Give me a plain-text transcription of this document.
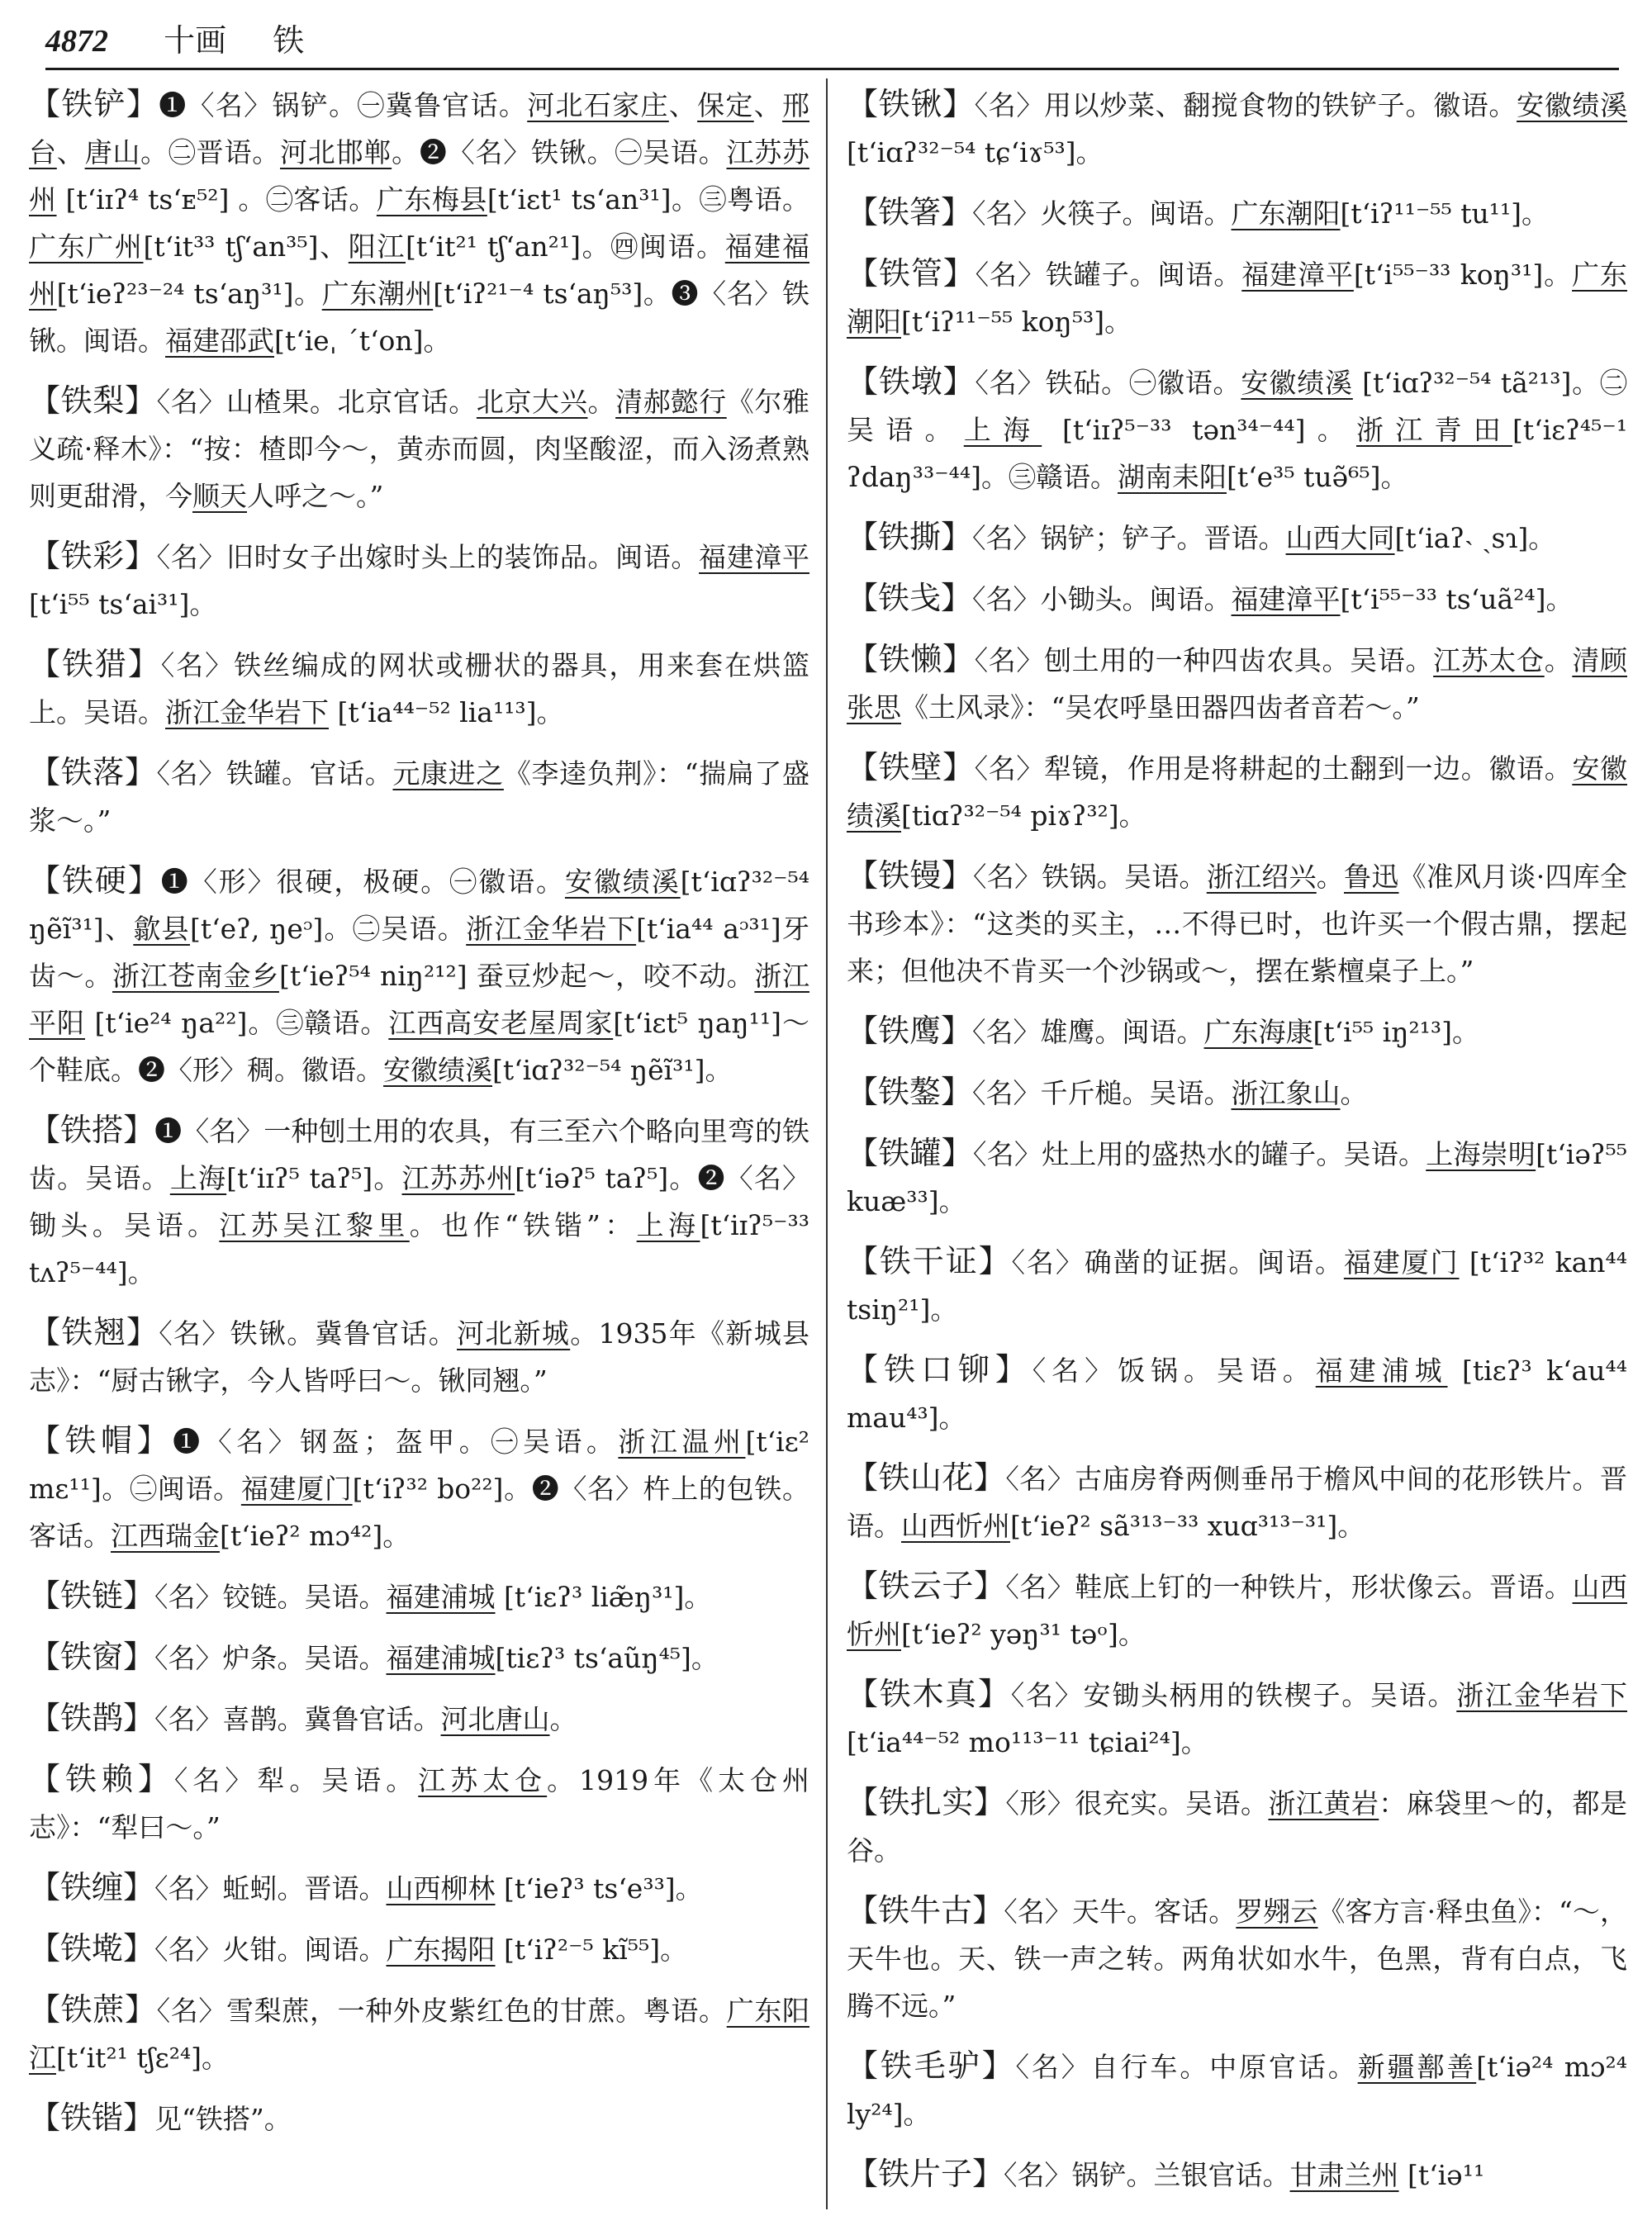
4872 十画 铁

【铁铲】❶〈名〉锅铲。㊀冀鲁官话。河北石家庄、保定、邢台、唐山。㊁晋语。河北邯郸。❷〈名〉铁锹。㊀吴语。江苏苏州 [tʻiɪʔ⁴ tsʻᴇ⁵²] 。㊁客话。广东梅县[tʻiɛt¹ tsʻan³¹]。㊂粤语。广东广州[tʻit³³ tʃʻan³⁵]、阳江[tʻit²¹ tʃʻan²¹]。㊃闽语。福建福州[tʻieʔ²³⁻²⁴ tsʻaŋ³¹]。广东潮州[tʻiʔ²¹⁻⁴ tsʻaŋ⁵³]。❸〈名〉铁锹。闽语。福建邵武[tʻieˌ ˊtʻon]。

【铁梨】〈名〉山楂果。北京官话。北京大兴。清郝懿行《尔雅义疏·释木》：“按：楂即今～，黄赤而圆，肉坚酸涩，而入汤煮熟则更甜滑，今顺天人呼之～。”

【铁彩】〈名〉旧时女子出嫁时头上的装饰品。闽语。福建漳平[tʻi⁵⁵ tsʻai³¹]。

【铁猎】〈名〉铁丝编成的网状或栅状的器具，用来套在烘篮上。吴语。浙江金华岩下 [tʻia⁴⁴⁻⁵² lia¹¹³]。

【铁落】〈名〉铁罐。官话。元康进之《李逵负荆》：“揣扁了盛浆～。”

【铁硬】❶〈形〉很硬，极硬。㊀徽语。安徽绩溪[tʻiɑʔ³²⁻⁵⁴ ŋẽĩ³¹]、歙县[tʻeʔ, ŋeᵓ]。㊁吴语。浙江金华岩下[tʻia⁴⁴ aᵓ³¹]牙齿～。浙江苍南金乡[tʻieʔ⁵⁴ niŋ²¹²] 蚕豆炒起～，咬不动。浙江平阳 [tʻie²⁴ ŋa²²]。㊂赣语。江西高安老屋周家[tʻiɛt⁵ ŋaŋ¹¹]～个鞋底。❷〈形〉稠。徽语。安徽绩溪[tʻiɑʔ³²⁻⁵⁴ ŋẽĩ³¹]。

【铁搭】❶〈名〉一种刨土用的农具，有三至六个略向里弯的铁齿。吴语。上海[tʻiɪʔ⁵ taʔ⁵]。江苏苏州[tʻiəʔ⁵ taʔ⁵]。❷〈名〉锄头。吴语。江苏吴江黎里。也作“铁锴”：上海[tʻiɪʔ⁵⁻³³ tʌʔ⁵⁻⁴⁴]。

【铁翘】〈名〉铁锹。冀鲁官话。河北新城。1935年《新城县志》：“厨古锹字，今人皆呼曰～。锹同翘。”

【铁帽】❶〈名〉钢盔；盔甲。㊀吴语。浙江温州[tʻiɛ² mɛ¹¹]。㊁闽语。福建厦门[tʻiʔ³² bo²²]。❷〈名〉杵上的包铁。客话。江西瑞金[tʻieʔ² mɔ⁴²]。

【铁链】〈名〉铰链。吴语。福建浦城 [tʻiɛʔ³ liæ̃ŋ³¹]。

【铁窗】〈名〉炉条。吴语。福建浦城[tiɛʔ³ tsʻaũŋ⁴⁵]。

【铁鹊】〈名〉喜鹊。冀鲁官话。河北唐山。

【铁赖】〈名〉犁。吴语。江苏太仓。1919年《太仓州志》：“犁曰～。”

【铁缠】〈名〉蚯蚓。晋语。山西柳林 [tʻieʔ³ tsʻe³³]。

【铁墘】〈名〉火钳。闽语。广东揭阳 [tʻiʔ²⁻⁵ kĩ⁵⁵]。

【铁蔗】〈名〉雪梨蔗，一种外皮紫红色的甘蔗。粤语。广东阳江[tʻit²¹ tʃɛ²⁴]。

【铁锴】见“铁搭”。

【铁锹】〈名〉用以炒菜、翻搅食物的铁铲子。徽语。安徽绩溪 [tʻiɑʔ³²⁻⁵⁴ tɕʻiɤ⁵³]。

【铁箸】〈名〉火筷子。闽语。广东潮阳[tʻiʔ¹¹⁻⁵⁵ tu¹¹]。

【铁管】〈名〉铁罐子。闽语。福建漳平[tʻi⁵⁵⁻³³ koŋ³¹]。广东潮阳[tʻiʔ¹¹⁻⁵⁵ koŋ⁵³]。

【铁墩】〈名〉铁砧。㊀徽语。安徽绩溪 [tʻiɑʔ³²⁻⁵⁴ tã²¹³]。㊁吴语。上海 [tʻiɪʔ⁵⁻³³ tən³⁴⁻⁴⁴]。浙江青田[tʻiɛʔ⁴⁵⁻¹ ʔdaŋ³³⁻⁴⁴]。㊂赣语。湖南耒阳[tʻe³⁵ tuə̃⁶⁵]。

【铁撕】〈名〉锅铲；铲子。晋语。山西大同[tʻiaʔ˴ ˏsɿ]。

【铁戋】〈名〉小锄头。闽语。福建漳平[tʻi⁵⁵⁻³³ tsʻuã²⁴]。

【铁懒】〈名〉刨土用的一种四齿农具。吴语。江苏太仓。清顾张思《土风录》：“吴农呼垦田器四齿者音若～。”

【铁壁】〈名〉犁镜，作用是将耕起的土翻到一边。徽语。安徽绩溪[tiɑʔ³²⁻⁵⁴ piɤʔ³²]。

【铁镘】〈名〉铁锅。吴语。浙江绍兴。鲁迅《准风月谈·四库全书珍本》：“这类的买主，…不得已时，也许买一个假古鼎，摆起来；但他决不肯买一个沙锅或～，摆在紫檀桌子上。”

【铁鹰】〈名〉雄鹰。闽语。广东海康[tʻi⁵⁵ iŋ²¹³]。

【铁鏊】〈名〉千斤槌。吴语。浙江象山。

【铁罐】〈名〉灶上用的盛热水的罐子。吴语。上海崇明[tʻiəʔ⁵⁵ kuæ³³]。

【铁干证】〈名〉确凿的证据。闽语。福建厦门 [tʻiʔ³² kan⁴⁴ tsiŋ²¹]。

【铁口铆】〈名〉饭锅。吴语。福建浦城 [tiɛʔ³ kʻau⁴⁴ mau⁴³]。

【铁山花】〈名〉古庙房脊两侧垂吊于檐风中间的花形铁片。晋语。山西忻州[tʻieʔ² sã³¹³⁻³³ xuɑ³¹³⁻³¹]。

【铁云子】〈名〉鞋底上钉的一种铁片，形状像云。晋语。山西忻州[tʻieʔ² yəŋ³¹ təᵒ]。

【铁木真】〈名〉安锄头柄用的铁楔子。吴语。浙江金华岩下[tʻia⁴⁴⁻⁵² mo¹¹³⁻¹¹ tɕiai²⁴]。

【铁扎实】〈形〉很充实。吴语。浙江黄岩：麻袋里～的，都是谷。

【铁牛古】〈名〉天牛。客话。罗翙云《客方言·释虫鱼》：“～，天牛也。天、铁一声之转。两角状如水牛，色黑，背有白点，飞腾不远。”

【铁毛驴】〈名〉自行车。中原官话。新疆鄯善[tʻiə²⁴ mɔ²⁴ ly²⁴]。

【铁片子】〈名〉锅铲。兰银官话。甘肃兰州 [tʻiə¹¹
